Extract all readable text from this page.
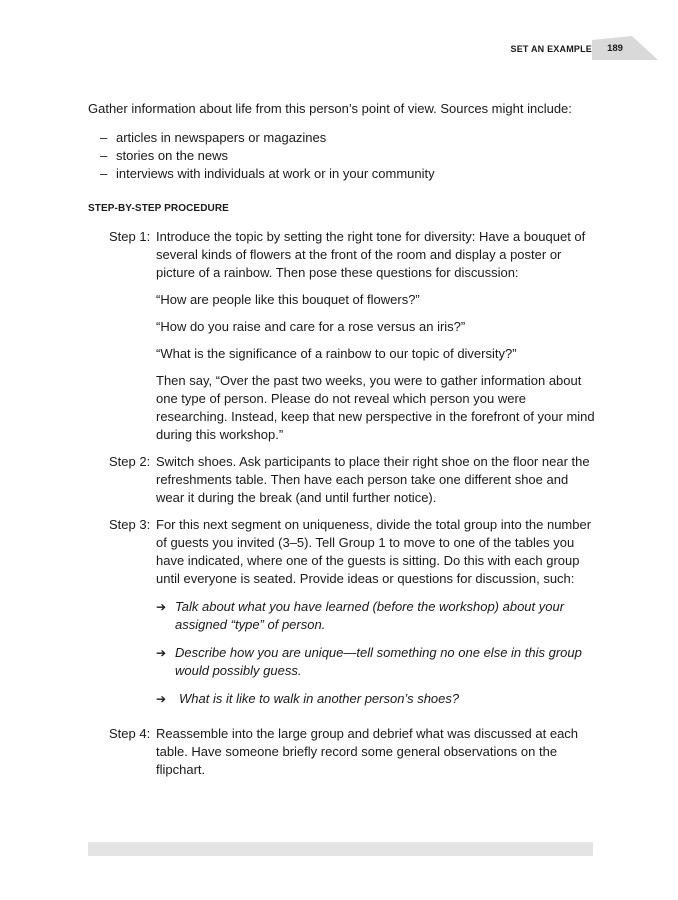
SET AN EXAMPLE	189

Gather information about life from this person’s point of view. Sources might include:

– articles in newspapers or magazines
– stories on the news
– interviews with individuals at work or in your community
STEP-BY-STEP PROCEDURE
Step 1: Introduce the topic by setting the right tone for diversity: Have a bouquet of several kinds of flowers at the front of the room and display a poster or picture of a rainbow. Then pose these questions for discussion:

“How are people like this bouquet of flowers?”

“How do you raise and care for a rose versus an iris?”

“What is the significance of a rainbow to our topic of diversity?”

Then say, “Over the past two weeks, you were to gather information about one type of person. Please do not reveal which person you were researching. Instead, keep that new perspective in the forefront of your mind during this workshop.”

Step 2: Switch shoes. Ask participants to place their right shoe on the floor near the refreshments table. Then have each person take one different shoe and wear it during the break (and until further notice).

Step 3: For this next segment on uniqueness, divide the total group into the number of guests you invited (3–5). Tell Group 1 to move to one of the tables you have indicated, where one of the guests is sitting. Do this with each group until everyone is seated. Provide ideas or questions for discussion, such:

➔ Talk about what you have learned (before the workshop) about your assigned “type” of person.
➔ Describe how you are unique—tell something no one else in this group would possibly guess.
➔ What is it like to walk in another person’s shoes?
Step 4: Reassemble into the large group and debrief what was discussed at each table. Have someone briefly record some general observations on the flipchart.
